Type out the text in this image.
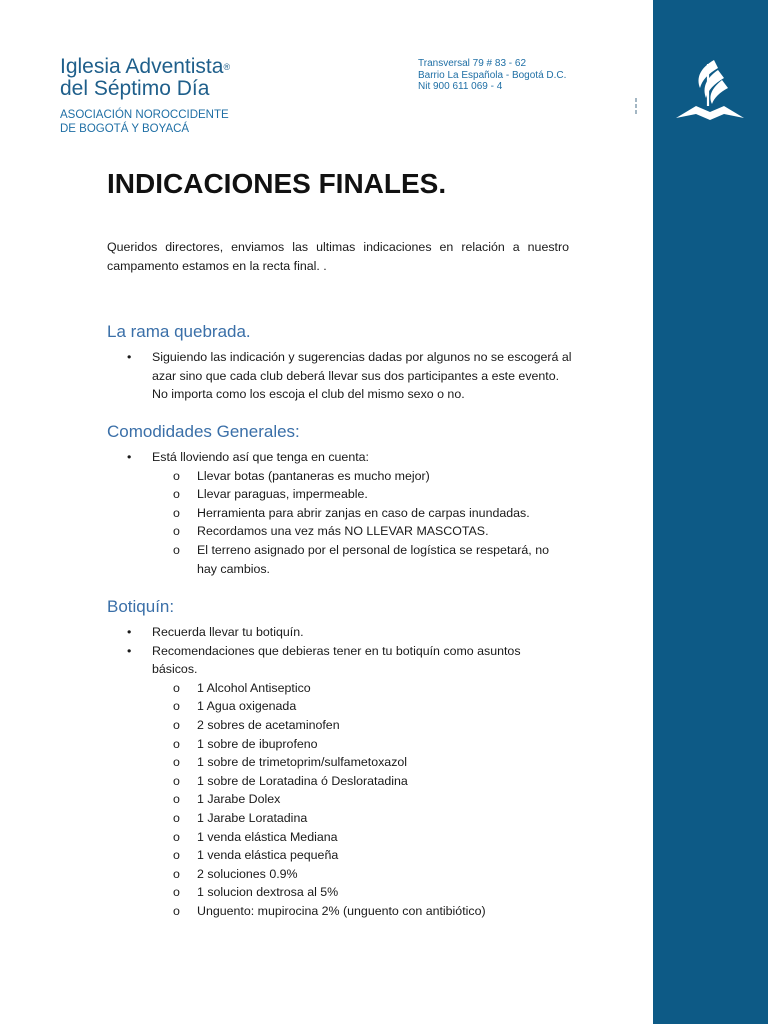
Iglesia Adventista®
del Séptimo Día
ASOCIACIÓN NOROCCIDENTE
DE BOGOTÁ Y BOYACÁ
Transversal 79 # 83 - 62
Barrio La Española - Bogotá D.C.
Nit 900 611 069 - 4
INDICACIONES FINALES.

Queridos directores, enviamos las ultimas indicaciones en relación a nuestro campamento estamos en la recta final. .

La rama quebrada.
• Siguiendo las indicación y sugerencias dadas por algunos no se escogerá al azar sino que cada club deberá llevar sus dos participantes a este evento. No importa como los escoja el club del mismo sexo o no.
Comodidades Generales:
• Está lloviendo así que tenga en cuenta:
o Llevar botas (pantaneras es mucho mejor)
o Llevar paraguas, impermeable.
o Herramienta para abrir zanjas en caso de carpas inundadas.
o Recordamos una vez más NO LLEVAR MASCOTAS.
o El terreno asignado por el personal de logística se respetará, no hay cambios.
Botiquín:
• Recuerda llevar tu botiquín.
• Recomendaciones que debieras tener en tu botiquín como asuntos básicos.
o 1 Alcohol Antiseptico
o 1 Agua oxigenada
o 2 sobres de acetaminofen
o 1 sobre de ibuprofeno
o 1 sobre de trimetoprim/sulfametoxazol
o 1 sobre de Loratadina ó Desloratadina
o 1 Jarabe Dolex
o 1 Jarabe Loratadina
o 1 venda elástica Mediana
o 1 venda elástica pequeña
o 2 soluciones 0.9%
o 1 solucion dextrosa al 5%
o Unguento: mupirocina 2% (unguento con antibiótico)
